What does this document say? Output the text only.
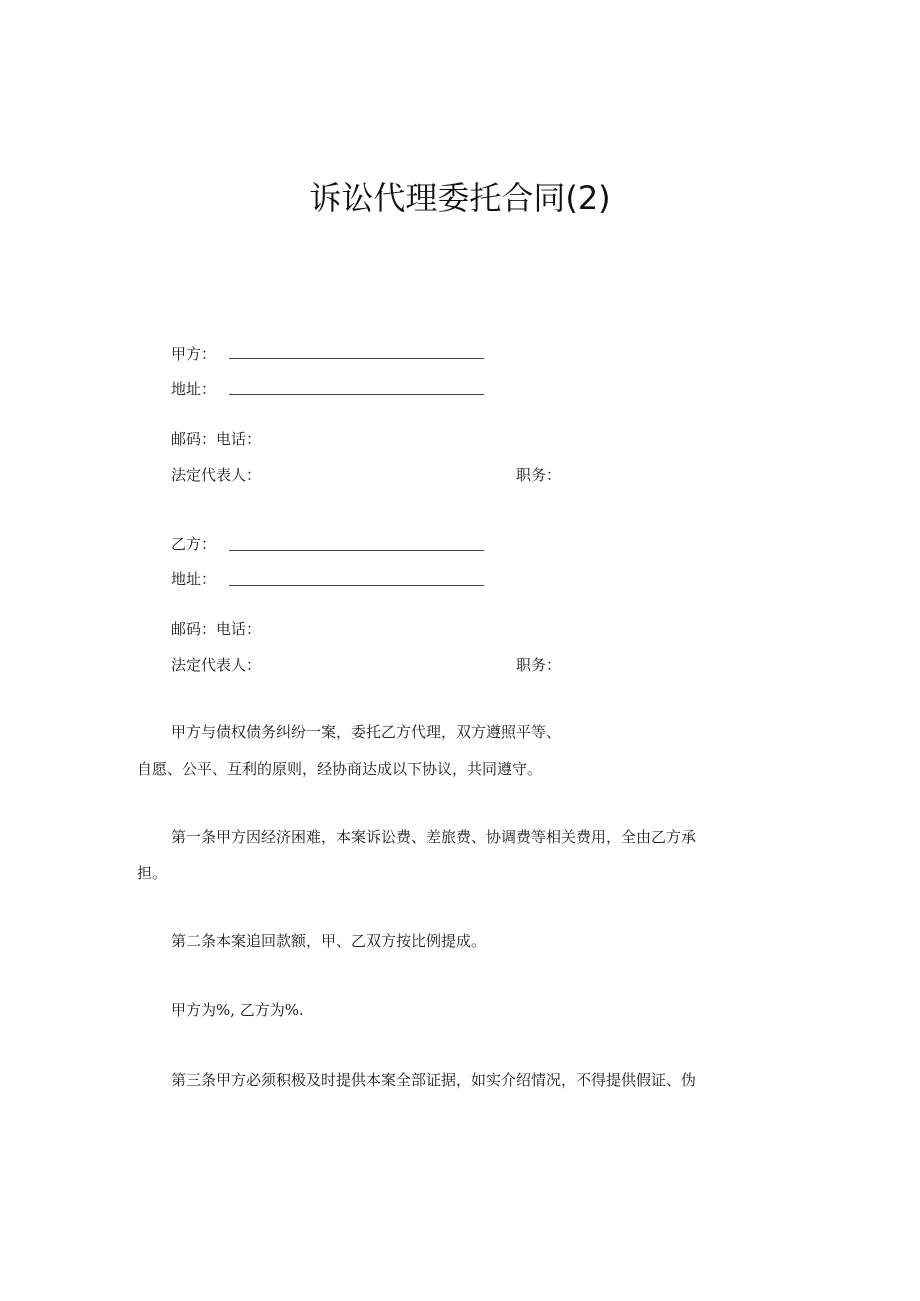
诉讼代理委托合同(2)
甲方：
地址：
邮码：电话：
法定代表人：	职务：
乙方：
地址：
邮码：电话：
法定代表人：	职务：
甲方与债权债务纠纷一案，委托乙方代理，双方遵照平等、
自愿、公平、互利的原则，经协商达成以下协议，共同遵守。
第一条甲方因经济困难，本案诉讼费、差旅费、协调费等相关费用，全由乙方承
担。
第二条本案追回款额，甲、乙双方按比例提成。
甲方为%, 乙方为%.
第三条甲方必须积极及时提供本案全部证据，如实介绍情况，不得提供假证、伪
